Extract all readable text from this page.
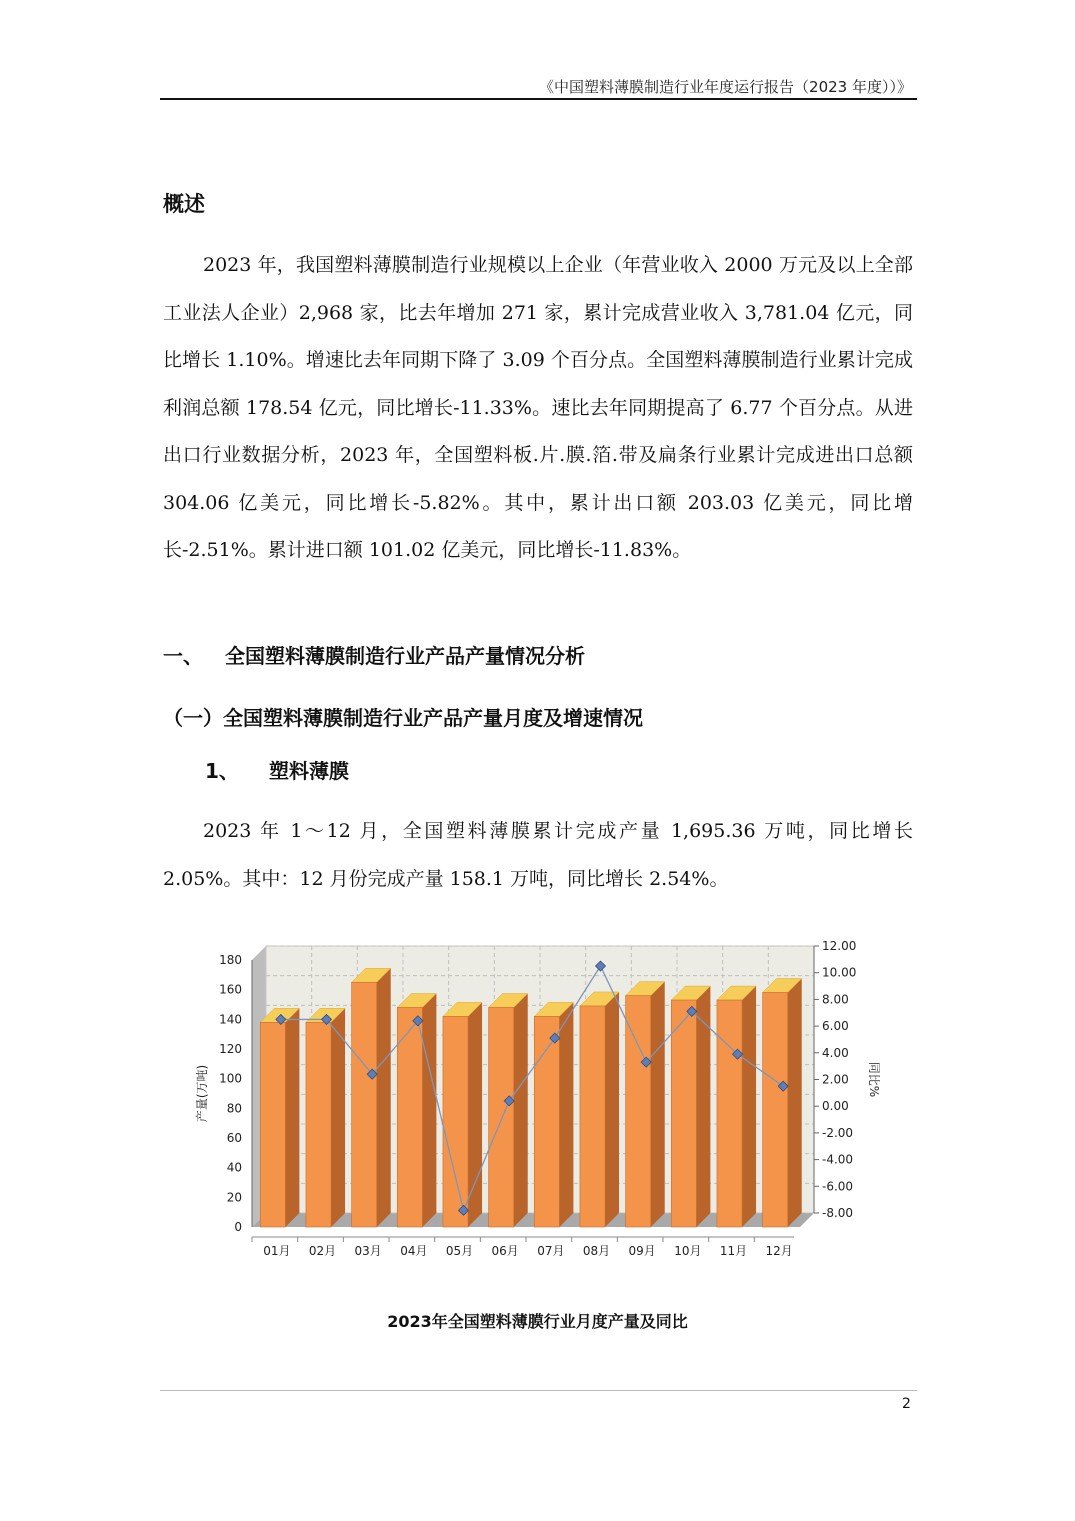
《中国塑料薄膜制造行业年度运行报告（2023 年度））》
概述

2023 年，我国塑料薄膜制造行业规模以上企业（年营业收入 2000 万元及以上全部工业法人企业）2,968 家，比去年增加 271 家，累计完成营业收入 3,781.04 亿元，同比增长 1.10%。增速比去年同期下降了 3.09 个百分点。全国塑料薄膜制造行业累计完成利润总额 178.54 亿元，同比增长-11.33%。速比去年同期提高了 6.77 个百分点。从进出口行业数据分析，2023 年，全国塑料板.片.膜.箔.带及扁条行业累计完成进出口总额 304.06 亿美元，同比增长-5.82%。其中，累计出口额 203.03 亿美元，同比增长-2.51%。累计进口额 101.02 亿美元，同比增长-11.83%。

一、 全国塑料薄膜制造行业产品产量情况分析
（一）全国塑料薄膜制造行业产品产量月度及增速情况
1、 塑料薄膜

2023 年 1～12 月，全国塑料薄膜累计完成产量 1,695.36 万吨，同比增长 2.05%。其中：12 月份完成产量 158.1 万吨，同比增长 2.54%。

0
20
40
60
80
100
120
140
160
180
产量(万吨)
-8.00
-6.00
-4.00
-2.00
0.00
2.00
4.00
6.00
8.00
10.00
12.00
同比%
01月 02月 03月 04月 05月 06月 07月 08月 09月 10月 11月 12月
2023年全国塑料薄膜行业月度产量及同比
2
